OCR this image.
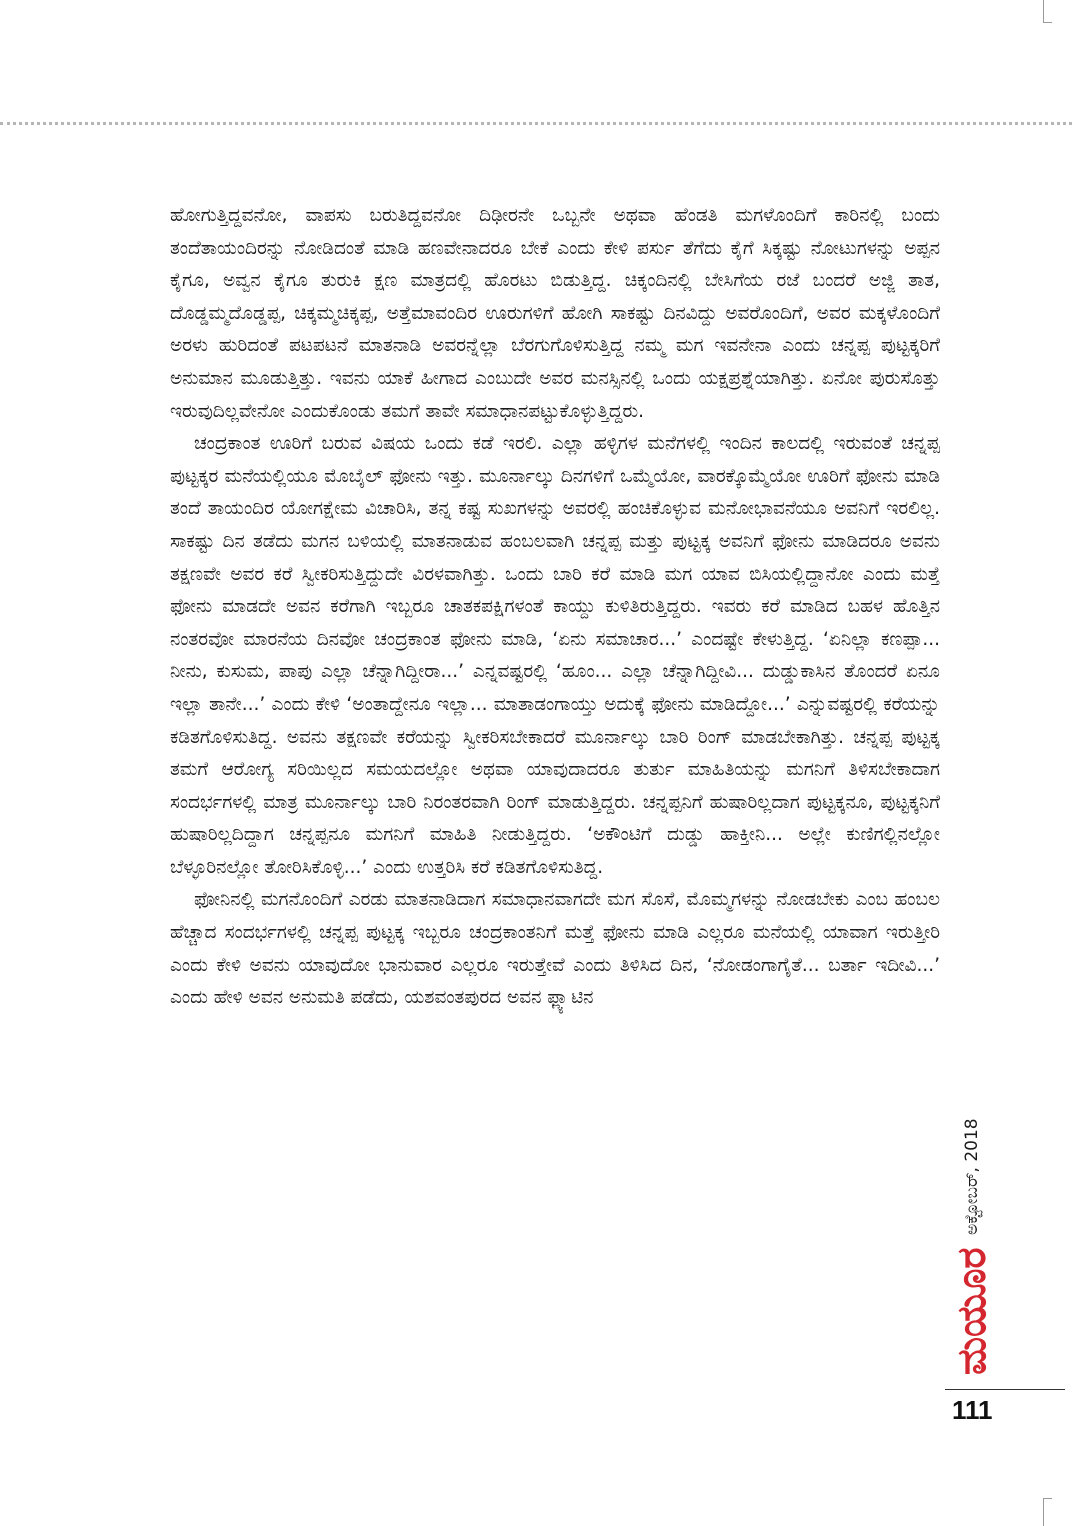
ಹೋಗುತ್ತಿದ್ದವನೋ, ವಾಪಸು ಬರುತಿದ್ದವನೋ ದಿಢೀರನೇ ಒಬ್ಬನೇ ಅಥವಾ ಹೆಂಡತಿ ಮಗಳೊಂದಿಗೆ ಕಾರಿನಲ್ಲಿ ಬಂದು ತಂದೆತಾಯಂದಿರನ್ನು ನೋಡಿದಂತೆ ಮಾಡಿ ಹಣವೇನಾದರೂ ಬೇಕೆ ಎಂದು ಕೇಳಿ ಪರ್ಸು ತೆಗೆದು ಕೈಗೆ ಸಿಕ್ಕಷ್ಟು ನೋಟುಗಳನ್ನು ಅಪ್ಪನ ಕೈಗೂ, ಅವ್ವನ ಕೈಗೂ ತುರುಕಿ ಕ್ಷಣ ಮಾತ್ರದಲ್ಲಿ ಹೊರಟು ಬಿಡುತ್ತಿದ್ದ. ಚಿಕ್ಕಂದಿನಲ್ಲಿ ಬೇಸಿಗೆಯ ರಜೆ ಬಂದರೆ ಅಜ್ಜಿ ತಾತ, ದೊಡ್ಡಮ್ಮದೊಡ್ಡಪ್ಪ, ಚಿಕ್ಕಮ್ಮಚಿಕ್ಕಪ್ಪ, ಅತ್ತೆಮಾವಂದಿರ ಊರುಗಳಿಗೆ ಹೋಗಿ ಸಾಕಷ್ಟು ದಿನವಿದ್ದು ಅವರೊಂದಿಗೆ, ಅವರ ಮಕ್ಕಳೊಂದಿಗೆ ಅರಳು ಹುರಿದಂತೆ ಪಟಪಟನೆ ಮಾತನಾಡಿ ಅವರನ್ನೆಲ್ಲಾ ಬೆರಗುಗೊಳಿಸುತ್ತಿದ್ದ ನಮ್ಮ ಮಗ ಇವನೇನಾ ಎಂದು ಚನ್ನಪ್ಪ ಪುಟ್ಟಕ್ಕರಿಗೆ ಅನುಮಾನ ಮೂಡುತ್ತಿತ್ತು. ಇವನು ಯಾಕೆ ಹೀಗಾದ ಎಂಬುದೇ ಅವರ ಮನಸ್ಸಿನಲ್ಲಿ ಒಂದು ಯಕ್ಷಪ್ರಶ್ನೆಯಾಗಿತ್ತು. ಏನೋ ಪುರುಸೊತ್ತು ಇರುವುದಿಲ್ಲವೇನೋ ಎಂದುಕೊಂಡು ತಮಗೆ ತಾವೇ ಸಮಾಧಾನಪಟ್ಟುಕೊಳ್ಳುತ್ತಿದ್ದರು.

ಚಂದ್ರಕಾಂತ ಊರಿಗೆ ಬರುವ ವಿಷಯ ಒಂದು ಕಡೆ ಇರಲಿ. ಎಲ್ಲಾ ಹಳ್ಳಿಗಳ ಮನೆಗಳಲ್ಲಿ ಇಂದಿನ ಕಾಲದಲ್ಲಿ ಇರುವಂತೆ ಚನ್ನಪ್ಪ ಪುಟ್ಟಕ್ಕರ ಮನೆಯಲ್ಲಿಯೂ ಮೊಬೈಲ್ ಫೋನು ಇತ್ತು. ಮೂರ್ನಾಲ್ಕು ದಿನಗಳಿಗೆ ಒಮ್ಮೆಯೋ, ವಾರಕ್ಕೊಮ್ಮೆಯೋ ಊರಿಗೆ ಫೋನು ಮಾಡಿ ತಂದೆ ತಾಯಂದಿರ ಯೋಗಕ್ಷೇಮ ವಿಚಾರಿಸಿ, ತನ್ನ ಕಷ್ಟ ಸುಖಗಳನ್ನು ಅವರಲ್ಲಿ ಹಂಚಿಕೊಳ್ಳುವ ಮನೋಭಾವನೆಯೂ ಅವನಿಗೆ ಇರಲಿಲ್ಲ. ಸಾಕಷ್ಟು ದಿನ ತಡೆದು ಮಗನ ಬಳಿಯಲ್ಲಿ ಮಾತನಾಡುವ ಹಂಬಲವಾಗಿ ಚನ್ನಪ್ಪ ಮತ್ತು ಪುಟ್ಟಕ್ಕ ಅವನಿಗೆ ಫೋನು ಮಾಡಿದರೂ ಅವನು ತಕ್ಷಣವೇ ಅವರ ಕರೆ ಸ್ವೀಕರಿಸುತ್ತಿದ್ದುದೇ ವಿರಳವಾಗಿತ್ತು. ಒಂದು ಬಾರಿ ಕರೆ ಮಾಡಿ ಮಗ ಯಾವ ಬಿಸಿಯಲ್ಲಿದ್ದಾನೋ ಎಂದು ಮತ್ತೆ ಫೋನು ಮಾಡದೇ ಅವನ ಕರೆಗಾಗಿ ಇಬ್ಬರೂ ಚಾತಕಪಕ್ಷಿಗಳಂತೆ ಕಾಯ್ದು ಕುಳಿತಿರುತ್ತಿದ್ದರು. ಇವರು ಕರೆ ಮಾಡಿದ ಬಹಳ ಹೊತ್ತಿನ ನಂತರವೋ ಮಾರನೆಯ ದಿನವೋ ಚಂದ್ರಕಾಂತ ಫೋನು ಮಾಡಿ, ‘ಏನು ಸಮಾಚಾರ...’ ಎಂದಷ್ಟೇ ಕೇಳುತ್ತಿದ್ದ. ‘ಏನಿಲ್ಲಾ ಕಣಪ್ಪಾ... ನೀನು, ಕುಸುಮ, ಪಾಪು ಎಲ್ಲಾ ಚೆನ್ನಾಗಿದ್ದೀರಾ...’ ಎನ್ನವಷ್ಟರಲ್ಲಿ ‘ಹೂಂ... ಎಲ್ಲಾ ಚೆನ್ನಾಗಿದ್ದೀವಿ... ದುಡ್ಡುಕಾಸಿನ ತೊಂದರೆ ಏನೂ ಇಲ್ಲಾ ತಾನೇ...’ ಎಂದು ಕೇಳಿ ‘ಅಂತಾದ್ದೇನೂ ಇಲ್ಲಾ... ಮಾತಾಡಂಗಾಯ್ತು ಅದುಕ್ಕೆ ಫೋನು ಮಾಡಿದ್ದೋ...’ ಎನ್ನುವಷ್ಟರಲ್ಲಿ ಕರೆಯನ್ನು ಕಡಿತಗೊಳಿಸುತಿದ್ದ. ಅವನು ತಕ್ಷಣವೇ ಕರೆಯನ್ನು ಸ್ವೀಕರಿಸಬೇಕಾದರೆ ಮೂರ್ನಾಲ್ಕು ಬಾರಿ ರಿಂಗ್ ಮಾಡಬೇಕಾಗಿತ್ತು. ಚನ್ನಪ್ಪ ಪುಟ್ಟಕ್ಕ ತಮಗೆ ಆರೋಗ್ಯ ಸರಿಯಿಲ್ಲದ ಸಮಯದಲ್ಲೋ ಅಥವಾ ಯಾವುದಾದರೂ ತುರ್ತು ಮಾಹಿತಿಯನ್ನು ಮಗನಿಗೆ ತಿಳಿಸಬೇಕಾದಾಗ ಸಂದರ್ಭಗಳಲ್ಲಿ ಮಾತ್ರ ಮೂರ್ನಾಲ್ಕು ಬಾರಿ ನಿರಂತರವಾಗಿ ರಿಂಗ್ ಮಾಡುತ್ತಿದ್ದರು. ಚನ್ನಪ್ಪನಿಗೆ ಹುಷಾರಿಲ್ಲದಾಗ ಪುಟ್ಟಕ್ಕನೂ, ಪುಟ್ಟಕ್ಕನಿಗೆ ಹುಷಾರಿಲ್ಲದಿದ್ದಾಗ ಚನ್ನಪ್ಪನೂ ಮಗನಿಗೆ ಮಾಹಿತಿ ನೀಡುತ್ತಿದ್ದರು. ‘ಅಕೌಂಟಿಗೆ ದುಡ್ಡು ಹಾಕ್ತೀನಿ... ಅಲ್ಲೇ ಕುಣಿಗಲ್ಲಿನಲ್ಲೋ ಬೆಳ್ಳೂರಿನಲ್ಲೋ ತೋರಿಸಿಕೊಳ್ಳಿ...’ ಎಂದು ಉತ್ತರಿಸಿ ಕರೆ ಕಡಿತಗೊಳಿಸುತಿದ್ದ.

ಫೋನಿನಲ್ಲಿ ಮಗನೊಂದಿಗೆ ಎರಡು ಮಾತನಾಡಿದಾಗ ಸಮಾಧಾನವಾಗದೇ ಮಗ ಸೊಸೆ, ಮೊಮ್ಮಗಳನ್ನು ನೋಡಬೇಕು ಎಂಬ ಹಂಬಲ ಹೆಚ್ಚಾದ ಸಂದರ್ಭಗಳಲ್ಲಿ ಚನ್ನಪ್ಪ ಪುಟ್ಟಕ್ಕ ಇಬ್ಬರೂ ಚಂದ್ರಕಾಂತನಿಗೆ ಮತ್ತೆ ಫೋನು ಮಾಡಿ ಎಲ್ಲರೂ ಮನೆಯಲ್ಲಿ ಯಾವಾಗ ಇರುತ್ತೀರಿ ಎಂದು ಕೇಳಿ ಅವನು ಯಾವುದೋ ಭಾನುವಾರ ಎಲ್ಲರೂ ಇರುತ್ತೇವೆ ಎಂದು ತಿಳಿಸಿದ ದಿನ, ‘ನೋಡಂಗಾಗೈತೆ... ಬರ್ತಾ ಇದೀವಿ...’ ಎಂದು ಹೇಳಿ ಅವನ ಅನುಮತಿ ಪಡೆದು, ಯಶವಂತಪುರದ ಅವನ ಫ್ಲ್ಯಾಟಿನ

ಅಕ್ಟೋಬರ್, 2018
ಮಯೂರ
111
